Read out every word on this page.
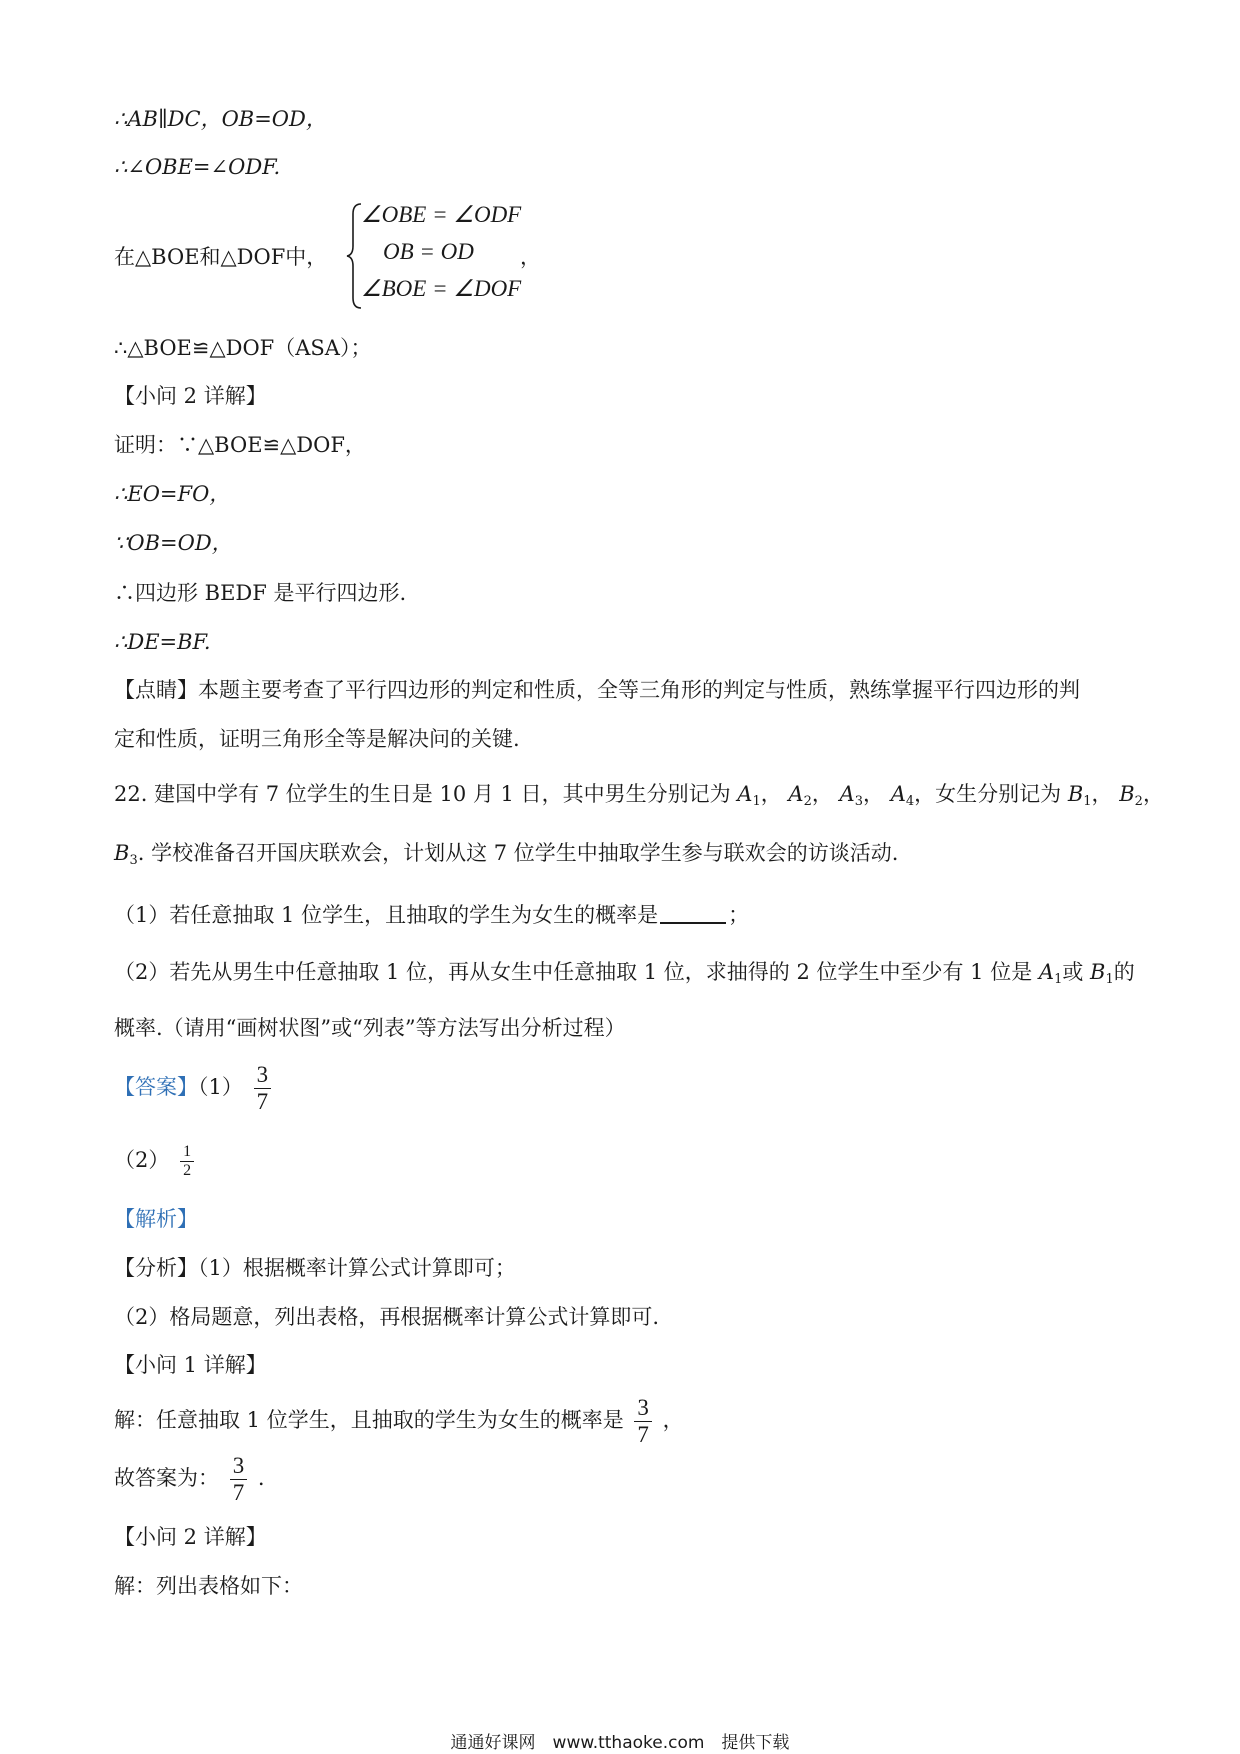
∴AB∥DC，OB=OD，
∴∠OBE=∠ODF.
在△BOE和△DOF中，
∠OBE = ∠ODF
OB = OD
∠BOE = ∠DOF
，
∴△BOE≌△DOF（ASA）；
【小问 2 详解】
证明：∵△BOE≌△DOF，
∴EO=FO，
∵OB=OD，
∴四边形 BEDF 是平行四边形.
∴DE=BF.
【点睛】本题主要考查了平行四边形的判定和性质，全等三角形的判定与性质，熟练掌握平行四边形的判
定和性质，证明三角形全等是解决问的关键.
22. 建国中学有 7 位学生的生日是 10 月 1 日，其中男生分别记为 $A_1$， $A_2$， $A_3$， $A_4$，女生分别记为 $B_1$， $B_2$，
$B_3$. 学校准备召开国庆联欢会，计划从这 7 位学生中抽取学生参与联欢会的访谈活动.
（1）若任意抽取 1 位学生，且抽取的学生为女生的概率是	；
（2）若先从男生中任意抽取 1 位，再从女生中任意抽取 1 位，求抽得的 2 位学生中至少有 1 位是 $A_1$或 $B_1$的
概率.（请用“画树状图”或“列表”等方法写出分析过程）
【答案】$(1) \frac{3}{7}$
$(2) \frac{1}{2}$
【解析】
【分析】（1）根据概率计算公式计算即可；
（2）格局题意，列出表格，再根据概率计算公式计算即可.
【小问 1 详解】
解：任意抽取 1 位学生，且抽取的学生为女生的概率是 $\frac{3}{7}$ ，
故答案为： $\frac{3}{7}$ .
【小问 2 详解】
解：列出表格如下：
通通好课网　www.tthaoke.com　提供下载
